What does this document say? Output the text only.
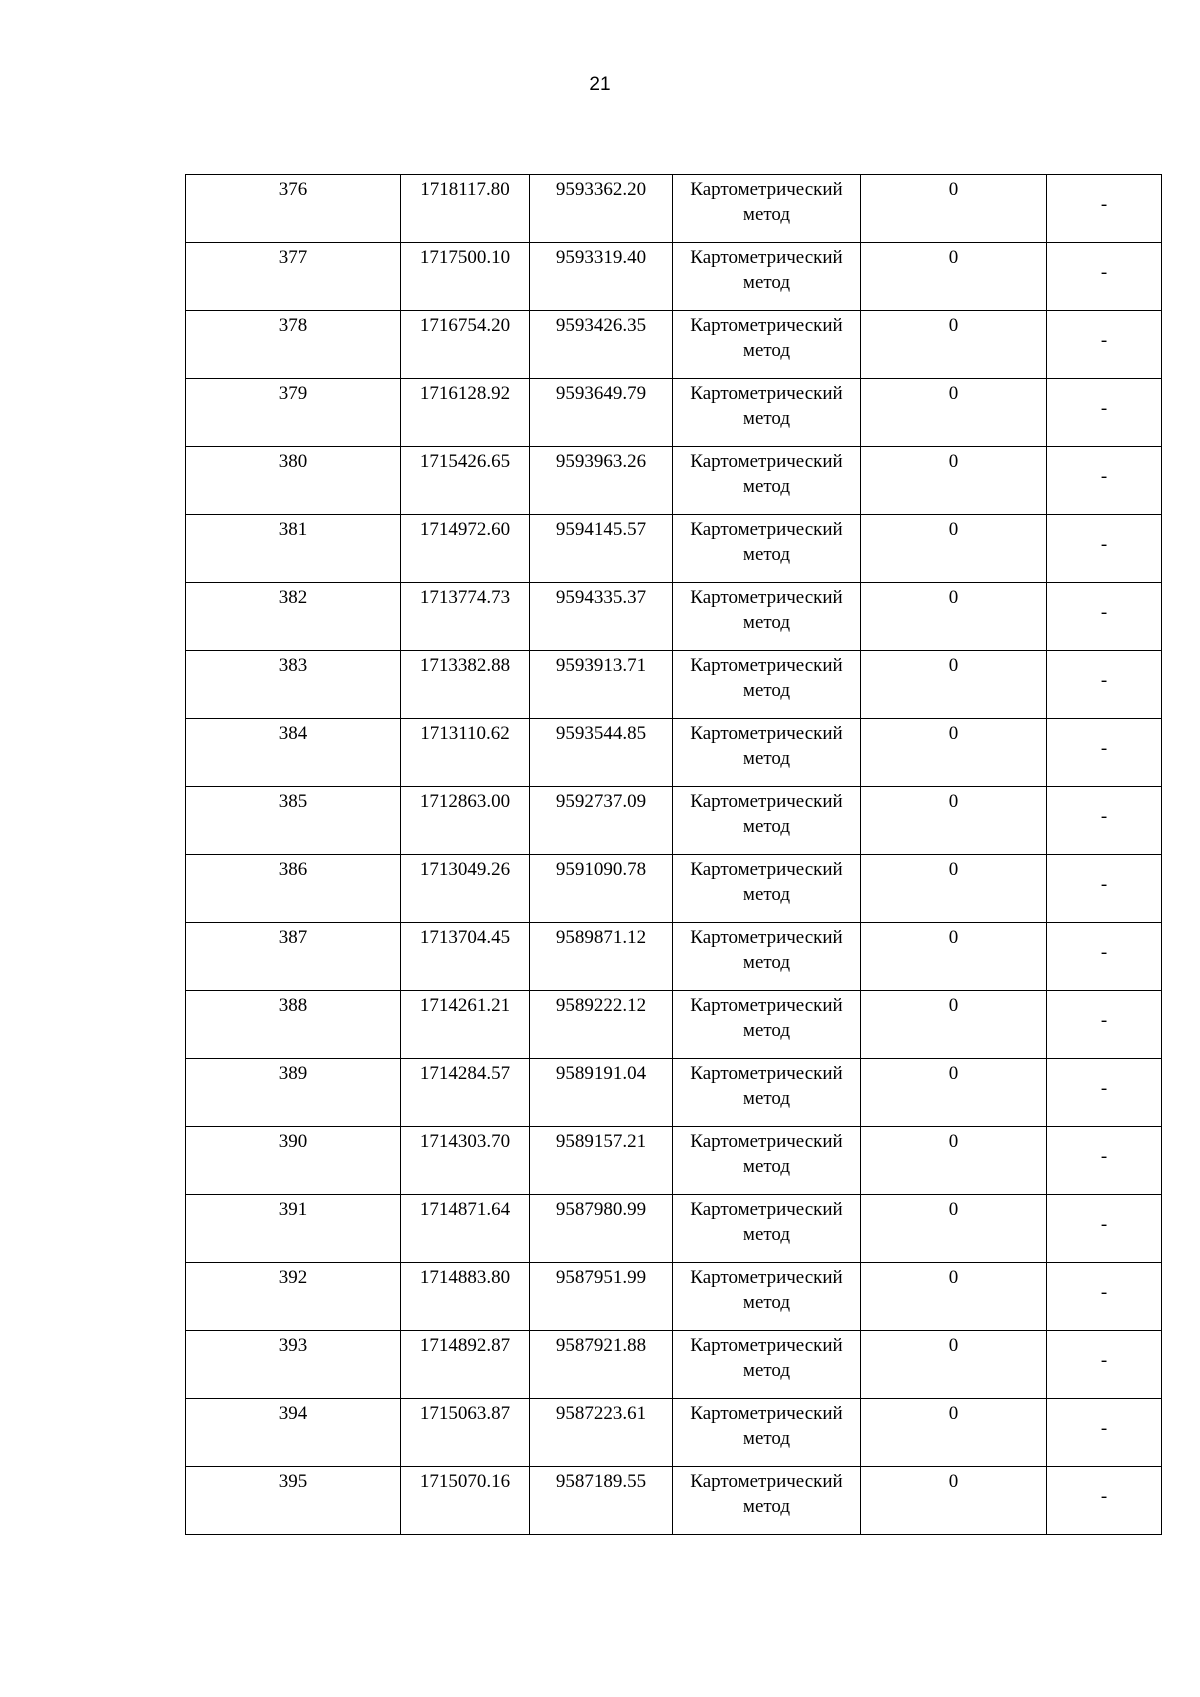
21
376	1718117.80	9593362.20	Картометрический метод	0	-

377	1717500.10	9593319.40	Картометрический метод	0	-

378	1716754.20	9593426.35	Картометрический метод	0	-

379	1716128.92	9593649.79	Картометрический метод	0	-

380	1715426.65	9593963.26	Картометрический метод	0	-

381	1714972.60	9594145.57	Картометрический метод	0	-

382	1713774.73	9594335.37	Картометрический метод	0	-

383	1713382.88	9593913.71	Картометрический метод	0	-

384	1713110.62	9593544.85	Картометрический метод	0	-

385	1712863.00	9592737.09	Картометрический метод	0	-

386	1713049.26	9591090.78	Картометрический метод	0	-

387	1713704.45	9589871.12	Картометрический метод	0	-

388	1714261.21	9589222.12	Картометрический метод	0	-

389	1714284.57	9589191.04	Картометрический метод	0	-

390	1714303.70	9589157.21	Картометрический метод	0	-

391	1714871.64	9587980.99	Картометрический метод	0	-

392	1714883.80	9587951.99	Картометрический метод	0	-

393	1714892.87	9587921.88	Картометрический метод	0	-

394	1715063.87	9587223.61	Картометрический метод	0	-

395	1715070.16	9587189.55	Картометрический метод	0	-
